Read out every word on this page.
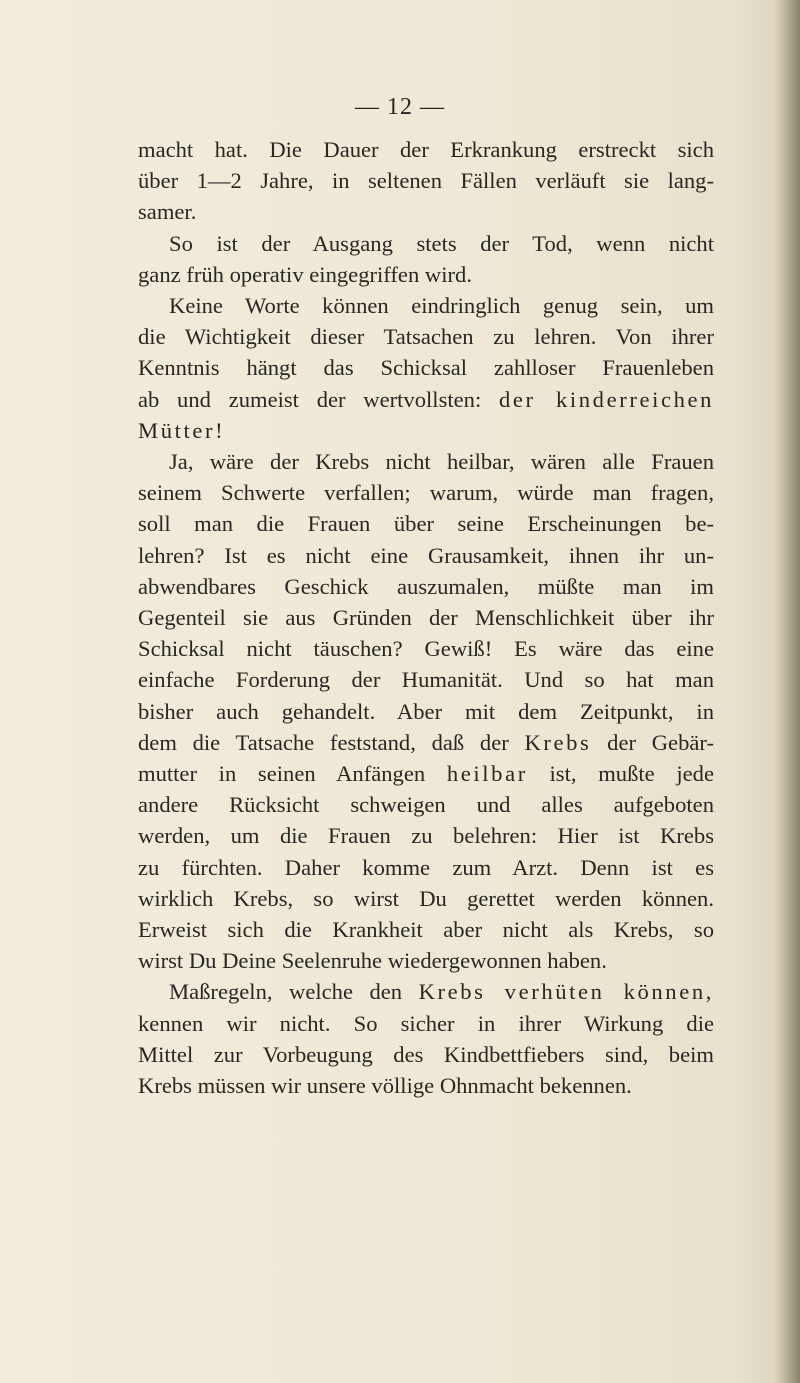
— 12 —
macht hat. Die Dauer der Erkrankung erstreckt sich
über 1—2 Jahre, in seltenen Fällen verläuft sie lang-
samer.
So ist der Ausgang stets der Tod, wenn nicht
ganz früh operativ eingegriffen wird.
Keine Worte können eindringlich genug sein, um
die Wichtigkeit dieser Tatsachen zu lehren. Von ihrer
Kenntnis hängt das Schicksal zahlloser Frauenleben
ab und zumeist der wertvollsten: der kinderreichen
Mütter!
Ja, wäre der Krebs nicht heilbar, wären alle Frauen
seinem Schwerte verfallen; warum, würde man fragen,
soll man die Frauen über seine Erscheinungen be-
lehren? Ist es nicht eine Grausamkeit, ihnen ihr un-
abwendbares Geschick auszumalen, müßte man im
Gegenteil sie aus Gründen der Menschlichkeit über ihr
Schicksal nicht täuschen? Gewiß! Es wäre das eine
einfache Forderung der Humanität. Und so hat man
bisher auch gehandelt. Aber mit dem Zeitpunkt, in
dem die Tatsache feststand, daß der Krebs der Gebär-
mutter in seinen Anfängen heilbar ist, mußte jede
andere Rücksicht schweigen und alles aufgeboten
werden, um die Frauen zu belehren: Hier ist Krebs
zu fürchten. Daher komme zum Arzt. Denn ist es
wirklich Krebs, so wirst Du gerettet werden können.
Erweist sich die Krankheit aber nicht als Krebs, so
wirst Du Deine Seelenruhe wiedergewonnen haben.
Maßregeln, welche den Krebs verhüten können,
kennen wir nicht. So sicher in ihrer Wirkung die
Mittel zur Vorbeugung des Kindbettfiebers sind, beim
Krebs müssen wir unsere völlige Ohnmacht bekennen.
